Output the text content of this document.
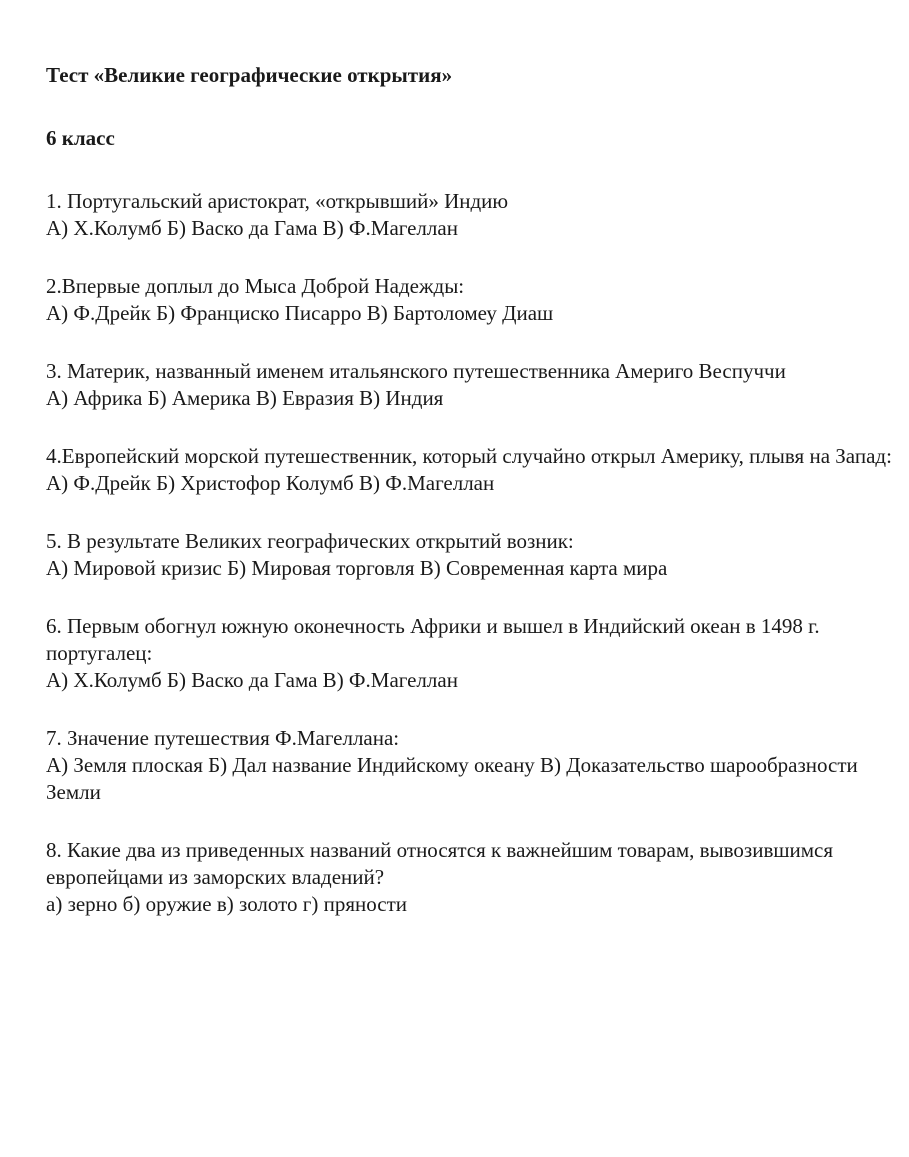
Тест «Великие географические открытия»

6 класс

1. Португальский аристократ, «открывший» Индию
А) Х.Колумб Б) Васко да Гама В) Ф.Магеллан
2.Впервые доплыл до Мыса Доброй Надежды:
А) Ф.Дрейк Б) Франциско Писарро В) Бартоломеу Диаш
3. Материк, названный именем итальянского путешественника Америго Веспуччи
А) Африка Б) Америка В) Евразия В) Индия
4.Европейский морской путешественник, который случайно открыл Америку, плывя на Запад:
А) Ф.Дрейк Б) Христофор Колумб В) Ф.Магеллан
5. В результате Великих географических открытий возник:
А) Мировой кризис Б) Мировая торговля В) Современная карта мира
6. Первым обогнул южную оконечность Африки и вышел в Индийский океан в 1498 г. португалец:
А) Х.Колумб Б) Васко да Гама В) Ф.Магеллан
7. Значение путешествия Ф.Магеллана:
А) Земля плоская Б) Дал название Индийскому океану В) Доказательство шарообразности Земли
8. Какие два из приведенных названий относятся к важнейшим товарам, вывозившимся европейцами из заморских владений?
а) зерно б) оружие в) золото г) пряности
